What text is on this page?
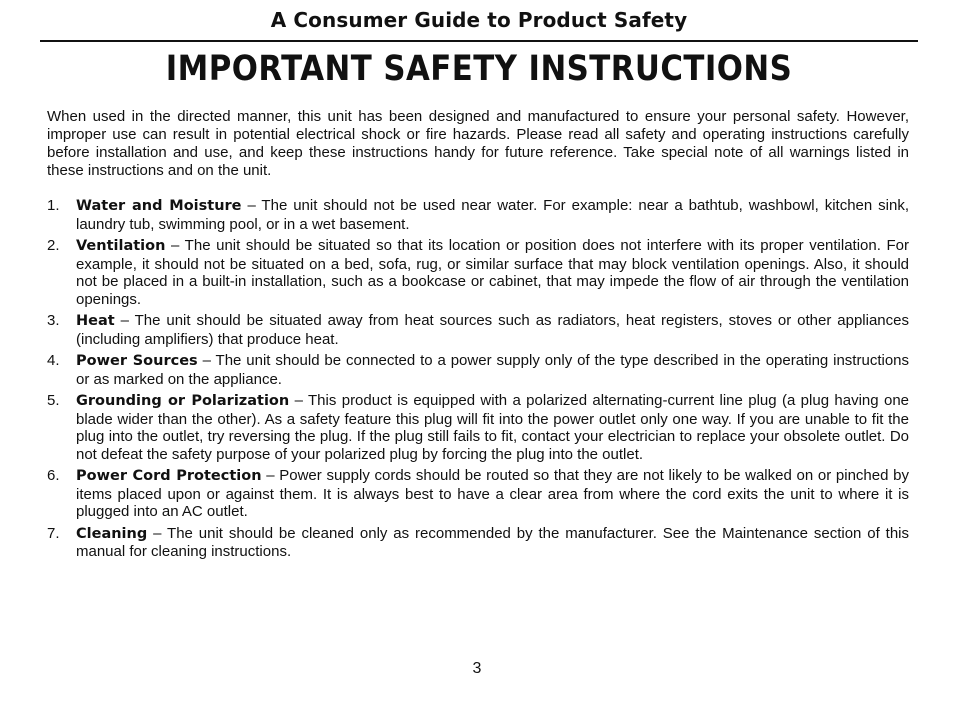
A Consumer Guide to Product Safety
IMPORTANT SAFETY INSTRUCTIONS

When used in the directed manner, this unit has been designed and manufactured to ensure your personal safety. However, improper use can result in potential electrical shock or fire hazards. Please read all safety and operating instructions carefully before installation and use, and keep these instructions handy for future reference. Take special note of all warnings listed in these instructions and on the unit.

1. Water and Moisture – The unit should not be used near water. For example: near a bathtub, washbowl, kitchen sink, laundry tub, swimming pool, or in a wet basement.
2. Ventilation – The unit should be situated so that its location or position does not interfere with its proper ventilation. For example, it should not be situated on a bed, sofa, rug, or similar surface that may block ventilation openings. Also, it should not be placed in a built-in installation, such as a bookcase or cabinet, that may impede the flow of air through the ventilation openings.
3. Heat – The unit should be situated away from heat sources such as radiators, heat registers, stoves or other appliances (including amplifiers) that produce heat.
4. Power Sources – The unit should be connected to a power supply only of the type described in the operating instructions or as marked on the appliance.
5. Grounding or Polarization – This product is equipped with a polarized alternating-current line plug (a plug having one blade wider than the other). As a safety feature this plug will fit into the power outlet only one way. If you are unable to fit the plug into the outlet, try reversing the plug. If the plug still fails to fit, contact your electrician to replace your obsolete outlet. Do not defeat the safety purpose of your polarized plug by forcing the plug into the outlet.
6. Power Cord Protection – Power supply cords should be routed so that they are not likely to be walked on or pinched by items placed upon or against them. It is always best to have a clear area from where the cord exits the unit to where it is plugged into an AC outlet.
7. Cleaning – The unit should be cleaned only as recommended by the manufacturer. See the Maintenance section of this manual for cleaning instructions.
3
